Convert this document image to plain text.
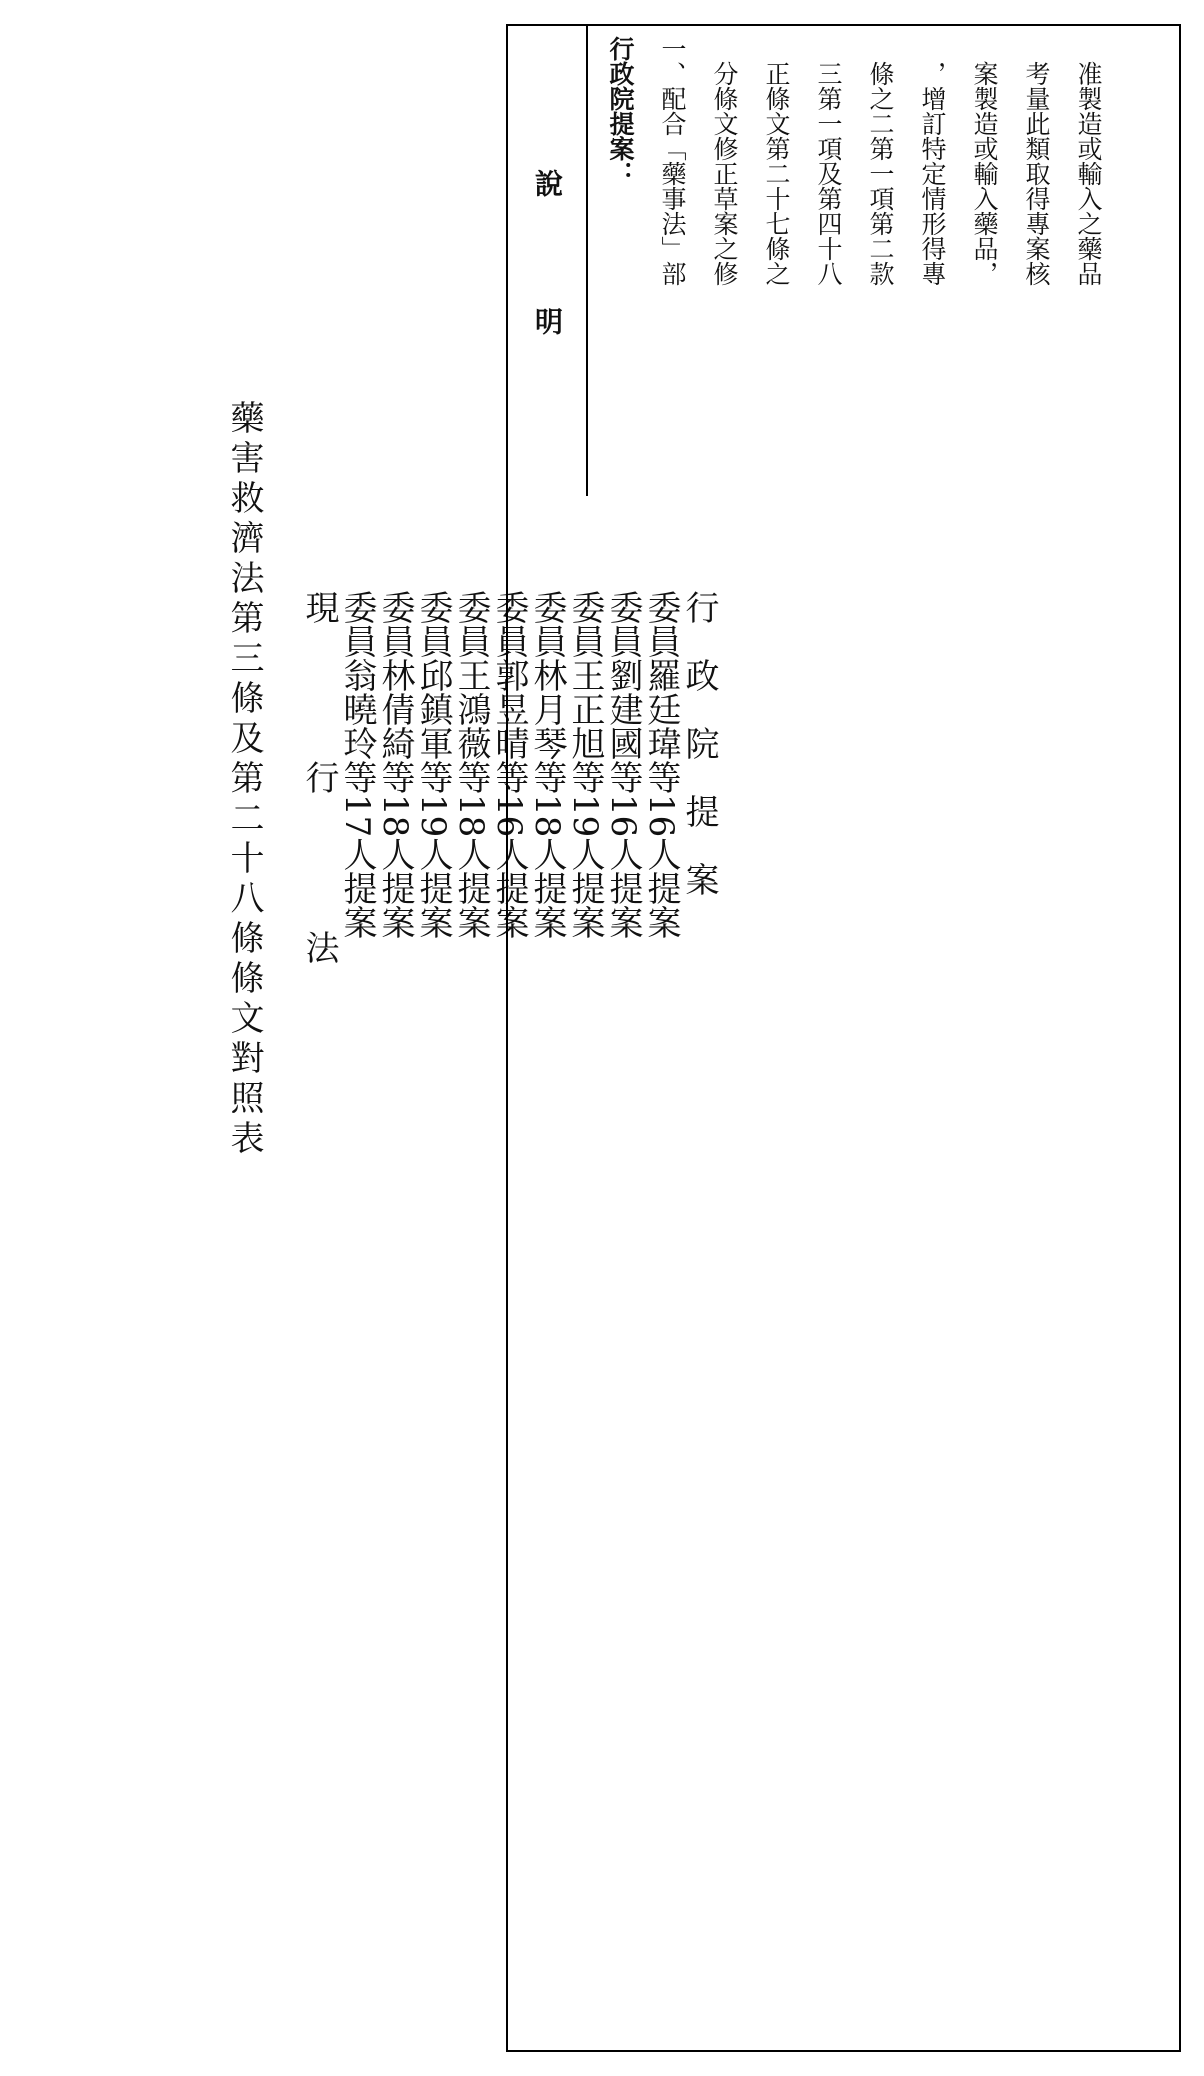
藥害救濟法第三條及第二十八條條文對照表	行　政　院　提　案
委員羅廷瑋等16人提案
委員劉建國等16人提案
委員王正旭等19人提案
委員林月琴等18人提案
委員郭昱晴等16人提案
委員王鴻薇等18人提案
委員邱鎮軍等19人提案
委員林倩綺等18人提案
委員翁曉玲等17人提案
現　　　　行　　　　法
說　　明
行政院提案： 一、配合「藥事法」部 　分條文修正草案之修 　正條文第二十七條之 　三第一項及第四十八 　條之二第一項第二款 　，增訂特定情形得專 　案製造或輸入藥品， 　考量此類取得專案核 　准製造或輸入之藥品
